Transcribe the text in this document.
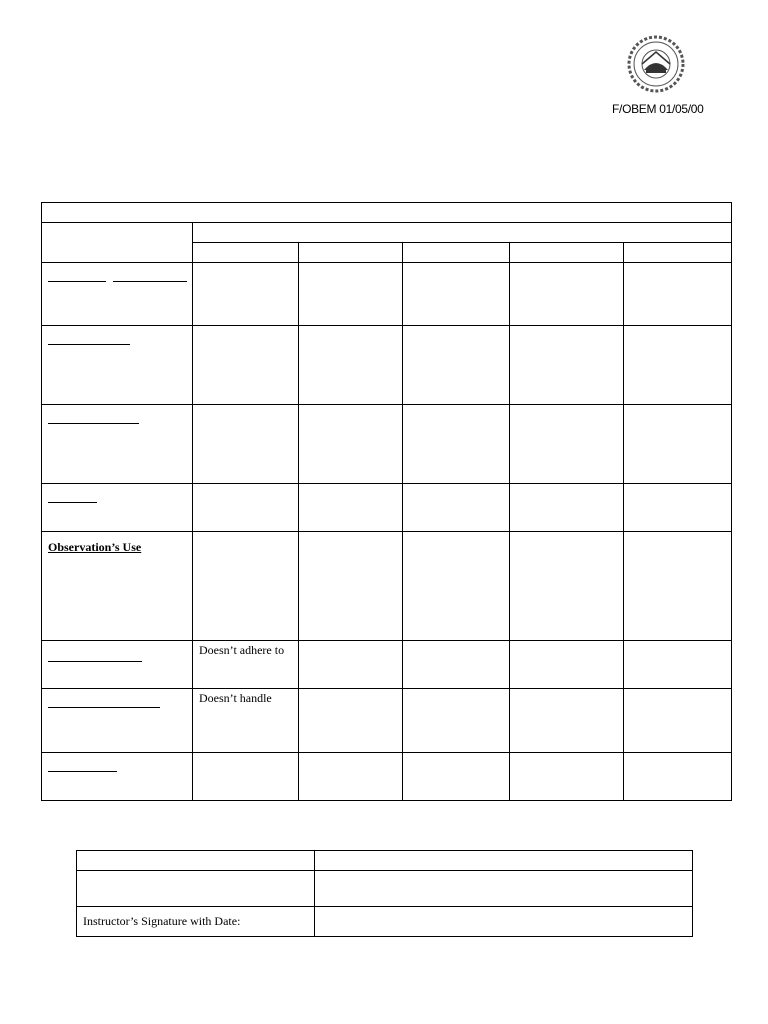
F/OBEM 01/05/00

Observation’s Use					

	Doesn’t adhere to				

	Doesn’t handle				

Instructor’s Signature with Date:	
